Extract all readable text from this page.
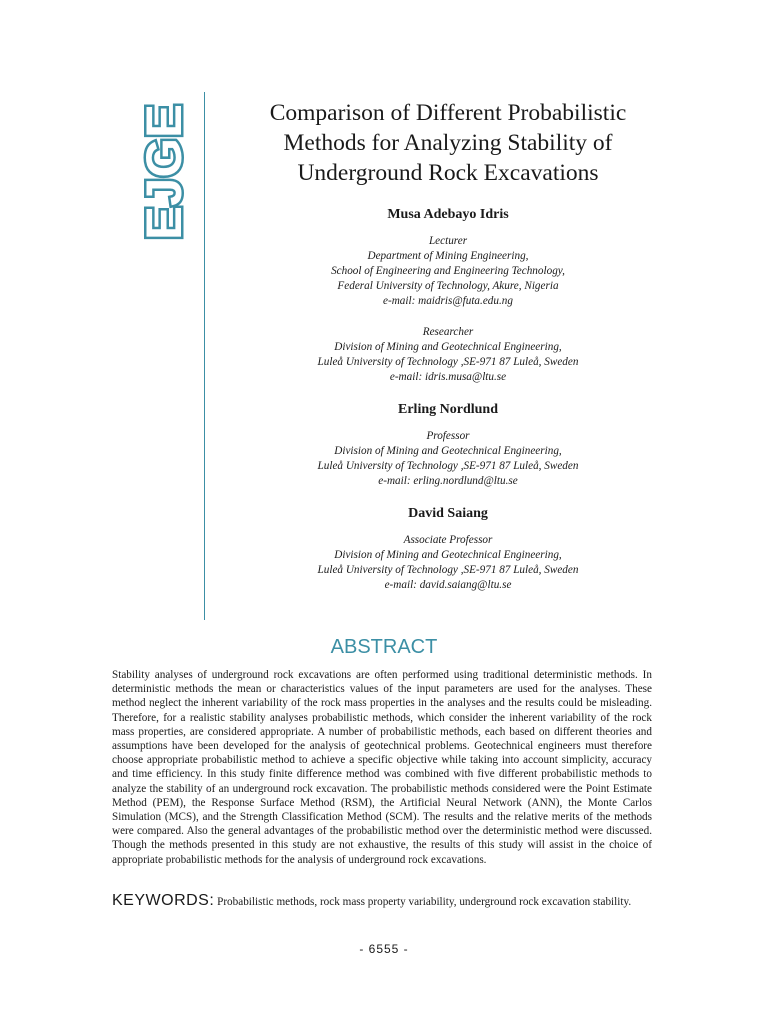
EJGE	Comparison of Different Probabilistic
Methods for Analyzing Stability of
Underground Rock Excavations
Musa Adebayo Idris

Lecturer

Department of Mining Engineering,

School of Engineering and Engineering Technology,

Federal University of Technology, Akure, Nigeria

e-mail: maidris@futa.edu.ng

Researcher

Division of Mining and Geotechnical Engineering,

Luleå University of Technology ,SE-971 87 Luleå, Sweden

e-mail: idris.musa@ltu.se

Erling Nordlund

Professor

Division of Mining and Geotechnical Engineering,

Luleå University of Technology ,SE-971 87 Luleå, Sweden

e-mail: erling.nordlund@ltu.se

David Saiang

Associate Professor

Division of Mining and Geotechnical Engineering,

Luleå University of Technology ,SE-971 87 Luleå, Sweden

e-mail: david.saiang@ltu.se

ABSTRACT
Stability analyses of underground rock excavations are often performed using traditional deterministic methods. In deterministic methods the mean or characteristics values of the input parameters are used for the analyses. These method neglect the inherent variability of the rock mass properties in the analyses and the results could be misleading. Therefore, for a realistic stability analyses probabilistic methods, which consider the inherent variability of the rock mass properties, are considered appropriate. A number of probabilistic methods, each based on different theories and assumptions have been developed for the analysis of geotechnical problems. Geotechnical engineers must therefore choose appropriate probabilistic method to achieve a specific objective while taking into account simplicity, accuracy and time efficiency. In this study finite difference method was combined with five different probabilistic methods to analyze the stability of an underground rock excavation. The probabilistic methods considered were the Point Estimate Method (PEM), the Response Surface Method (RSM), the Artificial Neural Network (ANN), the Monte Carlos Simulation (MCS), and the Strength Classification Method (SCM). The results and the relative merits of the methods were compared. Also the general advantages of the probabilistic method over the deterministic method were discussed. Though the methods presented in this study are not exhaustive, the results of this study will assist in the choice of appropriate probabilistic methods for the analysis of underground rock excavations.
KEYWORDS: Probabilistic methods, rock mass property variability, underground rock excavation stability.
- 6555 -
